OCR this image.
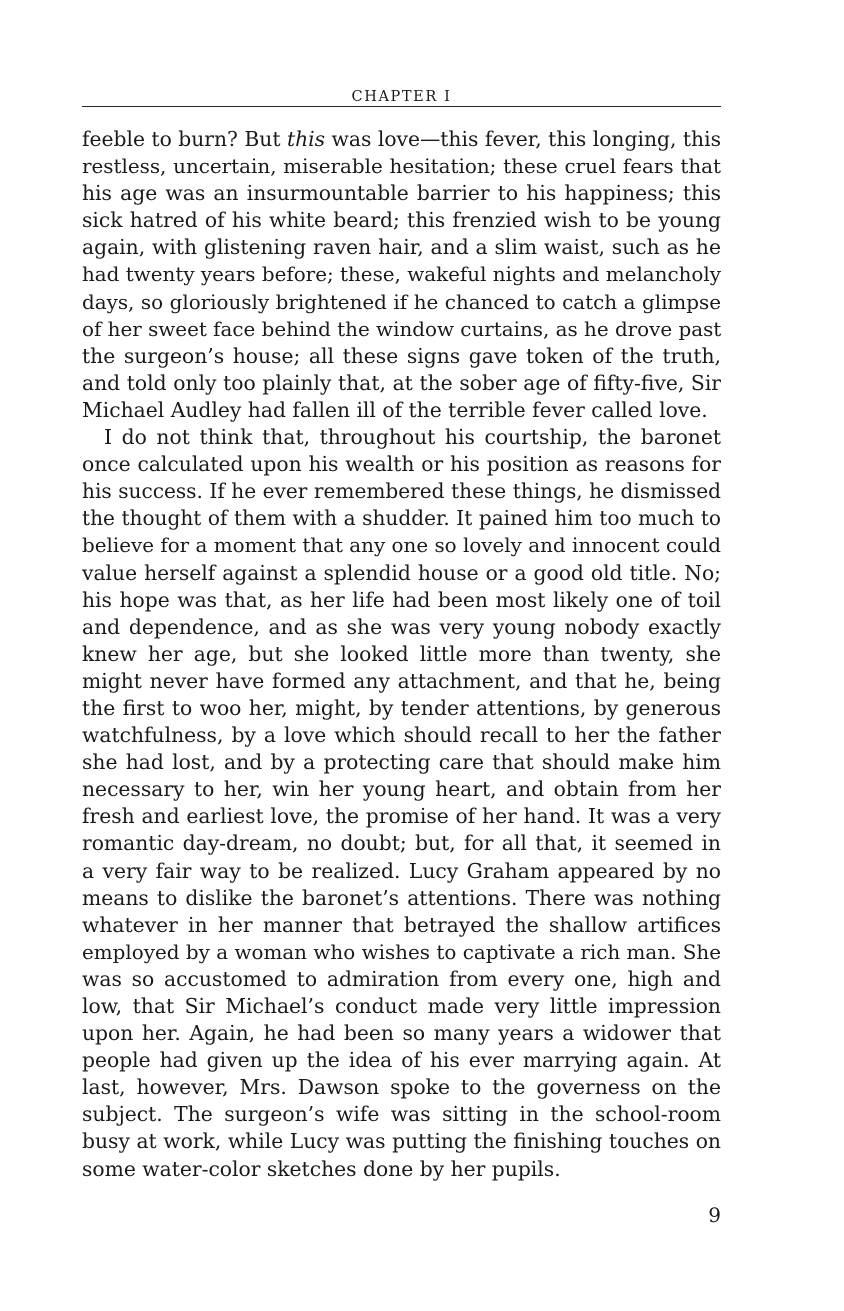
CHAPTER I
feeble to burn? But this was love—this fever, this longing, this
restless, uncertain, miserable hesitation; these cruel fears that
his age was an insurmountable barrier to his happiness; this
sick hatred of his white beard; this frenzied wish to be young
again, with glistening raven hair, and a slim waist, such as he
had twenty years before; these, wakeful nights and melancholy
days, so gloriously brightened if he chanced to catch a glimpse
of her sweet face behind the window curtains, as he drove past
the surgeon’s house; all these signs gave token of the truth,
and told only too plainly that, at the sober age of fifty-five, Sir
Michael Audley had fallen ill of the terrible fever called love.
I do not think that, throughout his courtship, the baronet
once calculated upon his wealth or his position as reasons for
his success. If he ever remembered these things, he dismissed
the thought of them with a shudder. It pained him too much to
believe for a moment that any one so lovely and innocent could
value herself against a splendid house or a good old title. No;
his hope was that, as her life had been most likely one of toil
and dependence, and as she was very young nobody exactly
knew her age, but she looked little more than twenty, she
might never have formed any attachment, and that he, being
the first to woo her, might, by tender attentions, by generous
watchfulness, by a love which should recall to her the father
she had lost, and by a protecting care that should make him
necessary to her, win her young heart, and obtain from her
fresh and earliest love, the promise of her hand. It was a very
romantic day-dream, no doubt; but, for all that, it seemed in
a very fair way to be realized. Lucy Graham appeared by no
means to dislike the baronet’s attentions. There was nothing
whatever in her manner that betrayed the shallow artifices
employed by a woman who wishes to captivate a rich man. She
was so accustomed to admiration from every one, high and
low, that Sir Michael’s conduct made very little impression
upon her. Again, he had been so many years a widower that
people had given up the idea of his ever marrying again. At
last, however, Mrs. Dawson spoke to the governess on the
subject. The surgeon’s wife was sitting in the school-room
busy at work, while Lucy was putting the finishing touches on
some water-color sketches done by her pupils.
9
